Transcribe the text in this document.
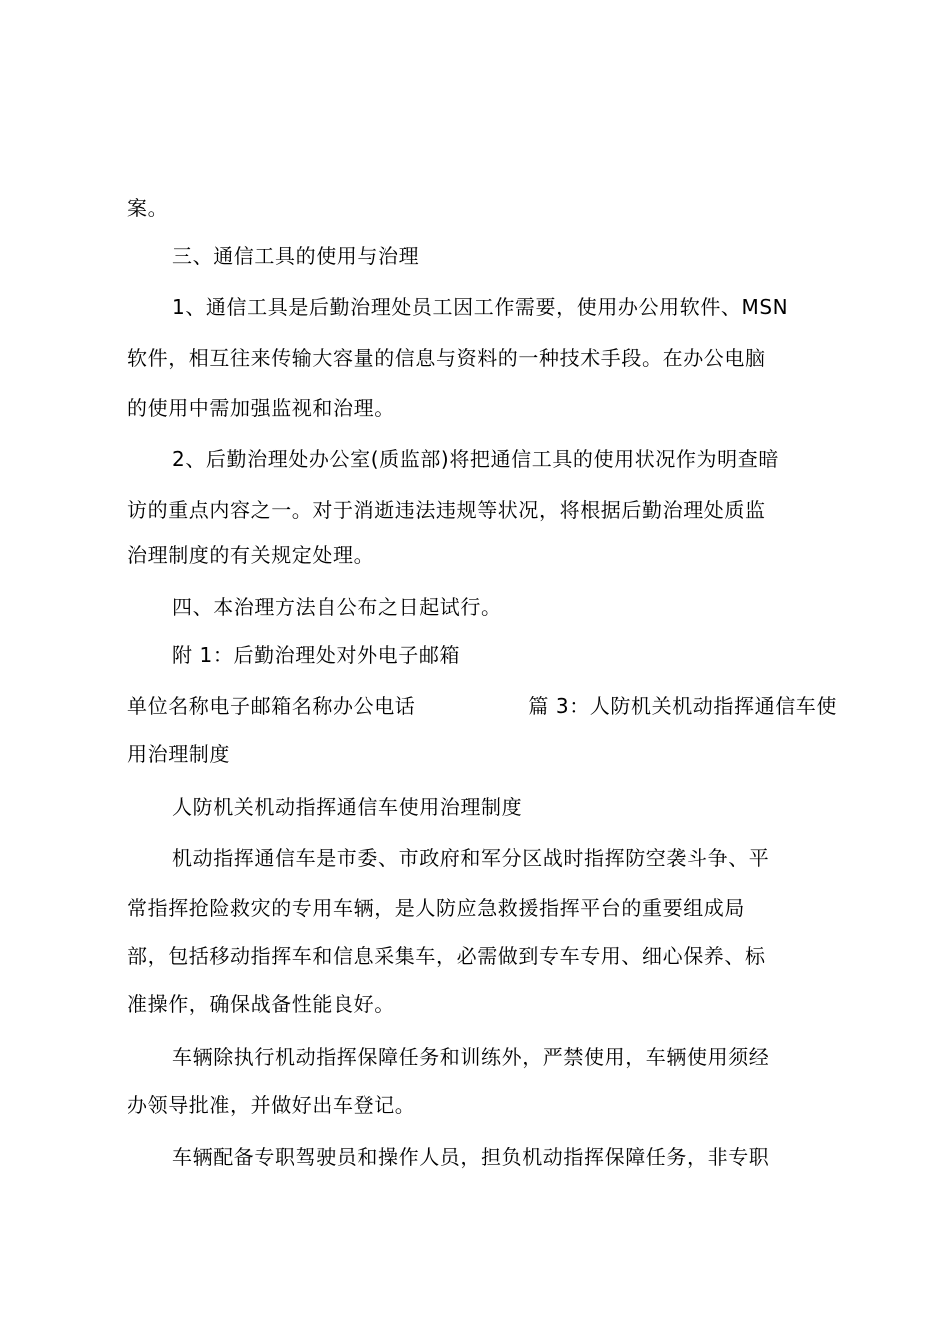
案。
三、通信工具的使用与治理
1、通信工具是后勤治理处员工因工作需要，使用办公用软件、MSN
软件，相互往来传输大容量的信息与资料的一种技术手段。在办公电脑
的使用中需加强监视和治理。
2、后勤治理处办公室(质监部)将把通信工具的使用状况作为明查暗
访的重点内容之一。对于消逝违法违规等状况，将根据后勤治理处质监
治理制度的有关规定处理。
四、本治理方法自公布之日起试行。
附 1：后勤治理处对外电子邮箱
单位名称电子邮箱名称办公电话	篇 3：人防机关机动指挥通信车使
用治理制度
人防机关机动指挥通信车使用治理制度
机动指挥通信车是市委、市政府和军分区战时指挥防空袭斗争、平
常指挥抢险救灾的专用车辆，是人防应急救援指挥平台的重要组成局
部，包括移动指挥车和信息采集车，必需做到专车专用、细心保养、标
准操作，确保战备性能良好。
车辆除执行机动指挥保障任务和训练外，严禁使用，车辆使用须经
办领导批准，并做好出车登记。
车辆配备专职驾驶员和操作人员，担负机动指挥保障任务，非专职
